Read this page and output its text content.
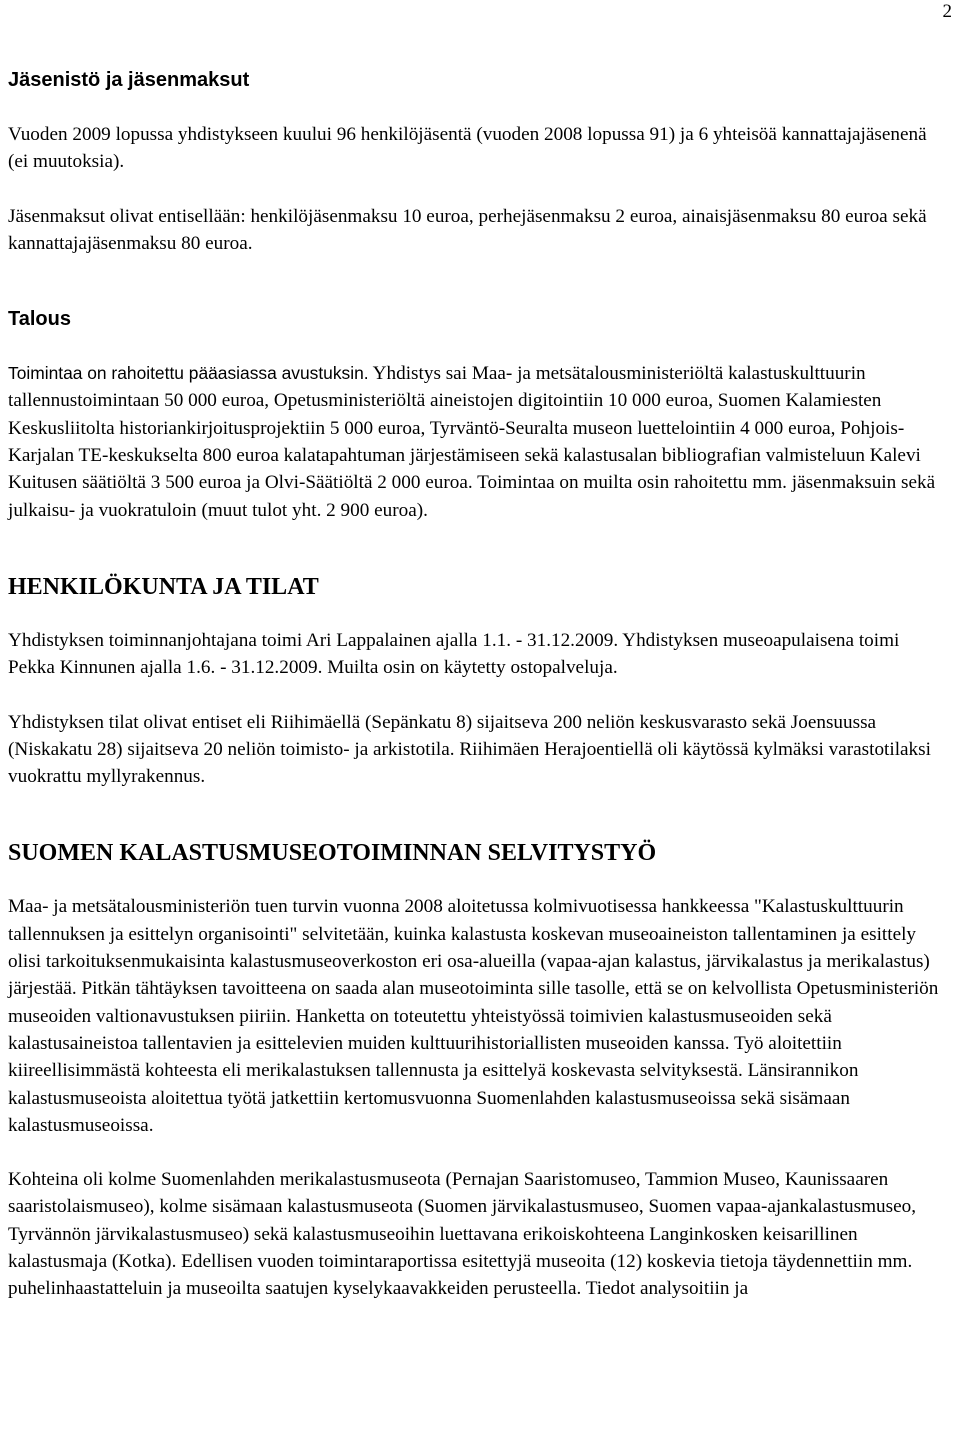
2
Jäsenistö ja jäsenmaksut

Vuoden 2009 lopussa yhdistykseen kuului 96 henkilöjäsentä (vuoden 2008 lopussa 91) ja 6 yhteisöä kannattajajäsenenä (ei muutoksia).

Jäsenmaksut olivat entisellään: henkilöjäsenmaksu 10 euroa, perhejäsenmaksu 2 euroa, ainaisjäsenmaksu 80 euroa sekä kannattajajäsenmaksu 80 euroa.

Talous

Toimintaa on rahoitettu pääasiassa avustuksin. Yhdistys sai Maa- ja metsätalousministeriöltä kalastuskulttuurin tallennustoimintaan 50 000 euroa, Opetusministeriöltä aineistojen digitointiin 10 000 euroa, Suomen Kalamiesten Keskusliitolta historiankirjoitusprojektiin 5 000 euroa, Tyrväntö-Seuralta museon luettelointiin 4 000 euroa, Pohjois-Karjalan TE-keskukselta 800 euroa kalatapahtuman järjestämiseen sekä kalastusalan bibliografian valmisteluun Kalevi Kuitusen säätiöltä 3 500 euroa ja Olvi-Säätiöltä 2 000 euroa. Toimintaa on muilta osin rahoitettu mm. jäsenmaksuin sekä julkaisu- ja vuokratuloin (muut tulot yht. 2 900 euroa).

HENKILÖKUNTA JA TILAT

Yhdistyksen toiminnanjohtajana toimi Ari Lappalainen ajalla 1.1. - 31.12.2009. Yhdistyksen museoapulaisena toimi Pekka Kinnunen ajalla 1.6. - 31.12.2009. Muilta osin on käytetty ostopalveluja.

Yhdistyksen tilat olivat entiset eli Riihimäellä (Sepänkatu 8) sijaitseva 200 neliön keskusvarasto sekä Joensuussa (Niskakatu 28) sijaitseva 20 neliön toimisto- ja arkistotila. Riihimäen Herajoentiellä oli käytössä kylmäksi varastotilaksi vuokrattu myllyrakennus.

SUOMEN KALASTUSMUSEOTOIMINNAN SELVITYSTYÖ

Maa- ja metsätalousministeriön tuen turvin vuonna 2008 aloitetussa kolmivuotisessa hankkeessa "Kalastuskulttuurin tallennuksen ja esittelyn organisointi" selvitetään, kuinka kalastusta koskevan museoaineiston tallentaminen ja esittely olisi tarkoituksenmukaisinta kalastusmuseoverkoston eri osa-alueilla (vapaa-ajan kalastus, järvikalastus ja merikalastus) järjestää. Pitkän tähtäyksen tavoitteena on saada alan museotoiminta sille tasolle, että se on kelvollista Opetusministeriön museoiden valtionavustuksen piiriin. Hanketta on toteutettu yhteistyössä toimivien kalastusmuseoiden sekä kalastusaineistoa tallentavien ja esittelevien muiden kulttuurihistoriallisten museoiden kanssa. Työ aloitettiin kiireellisimmästä kohteesta eli merikalastuksen tallennusta ja esittelyä koskevasta selvityksestä. Länsirannikon kalastusmuseoista aloitettua työtä jatkettiin kertomusvuonna Suomenlahden kalastusmuseoissa sekä sisämaan kalastusmuseoissa.

Kohteina oli kolme Suomenlahden merikalastusmuseota (Pernajan Saaristomuseo, Tammion Museo, Kaunissaaren saaristolaismuseo), kolme sisämaan kalastusmuseota (Suomen järvikalastusmuseo, Suomen vapaa-ajankalastusmuseo, Tyrvännön järvikalastusmuseo) sekä kalastusmuseoihin luettavana erikoiskohteena Langinkosken keisarillinen kalastusmaja (Kotka). Edellisen vuoden toimintaraportissa esitettyjä museoita (12) koskevia tietoja täydennettiin mm. puhelinhaastatteluin ja museoilta saatujen kyselykaavakkeiden perusteella. Tiedot analysoitiin ja
